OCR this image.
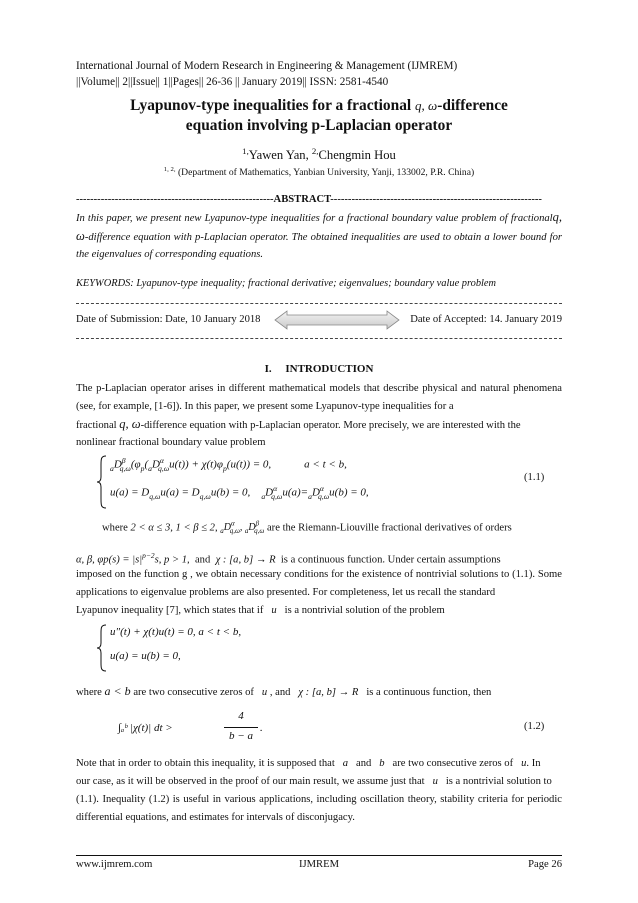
International Journal of Modern Research in Engineering & Management (IJMREM)
||Volume|| 2||Issue|| 1||Pages|| 26-36 || January 2019|| ISSN: 2581-4540
Lyapunov-type inequalities for a fractional q, ω-difference
equation involving p-Laplacian operator
$^{1,}$Yawen Yan, $^{2,}$Chengmin Hou
$^{1, 2,}$ (Department of Mathematics, Yanbian University, Yanji, 133002, P.R. China)
--------------------------------------------------------ABSTRACT------------------------------------------------------------
In this paper, we present new Lyapunov-type inequalities for a fractional boundary value problem of fractionalq, ω-difference equation with p-Laplacian operator. The obtained inequalities are used to obtain a lower bound for the eigenvalues of corresponding equations.
KEYWORDS: Lyapunov-type inequality; fractional derivative; eigenvalues; boundary value problem
Date of Submission: Date, 10 January 2018	Date of Accepted: 14. January 2019
I. INTRODUCTION
The p-Laplacian operator arises in different mathematical models that describe physical and natural phenomena (see, for example, [1-6]). In this paper, we present some Lyapunov-type inequalities for a
fractional q, ω-difference equation with p-Laplacian operator. More precisely, we are interested with the
nonlinear fractional boundary value problem
$_aD^\beta_{q,\omega}(\varphi_p(_aD^\alpha_{q,\omega}u(t)) + \chi(t)\varphi_p(u(t)) = 0$,            a < t < b,
$u(a) = D_{q,\omega}u(a) = D_{q,\omega}u(b) = 0$,    $_aD^\alpha_{q,\omega}u(a)=_aD^\alpha_{q,\omega}u(b) = 0$,
(1.1)
where 2 < α ≤ 3, 1 < β ≤ 2, $_aD^\alpha_{q,\omega}$, $_aD^\beta_{q,\omega}$ are the Riemann-Liouville fractional derivatives of orders
α, β, $\varphi p(s) = |s|^{p-2}s$, p > 1, and χ : [a, b] → R is a continuous function. Under certain assumptions
imposed on the function g , we obtain necessary conditions for the existence of nontrivial solutions to (1.1). Some applications to eigenvalue problems are also presented. For completeness, let us recall the standard
Lyapunov inequality [7], which states that if u is a nontrivial solution of the problem
u″(t) + χ(t)u(t) = 0, a < t < b,
u(a) = u(b) = 0,
where a < b are two consecutive zeros of u , and χ : [a, b] → R is a continuous function, then
∫ₐᵇ |χ(t)| dt >
4
b − a
.	(1.2)
Note that in order to obtain this inequality, it is supposed that a and b are two consecutive zeros of u. In
our case, as it will be observed in the proof of our main result, we assume just that u is a nontrivial solution to
(1.1). Inequality (1.2) is useful in various applications, including oscillation theory, stability criteria for periodic differential equations, and estimates for intervals of disconjugacy.
www.ijmrem.com	IJMREM	Page 26
